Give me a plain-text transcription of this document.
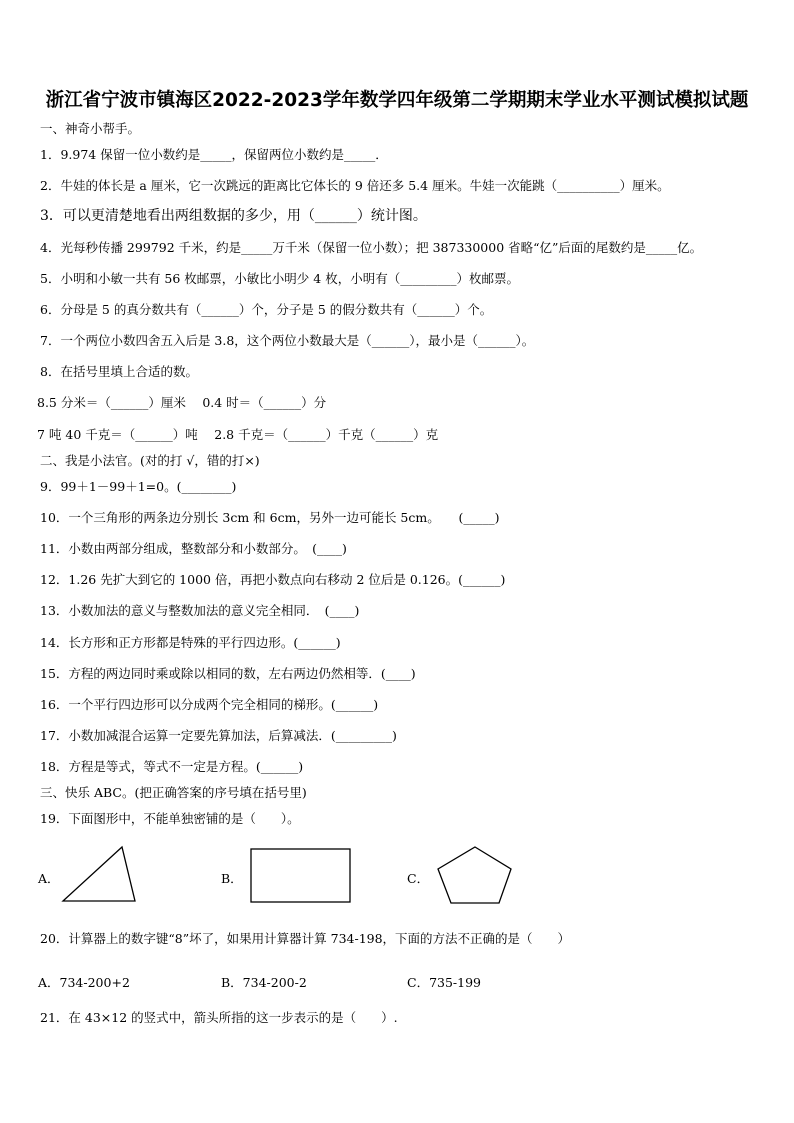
浙江省宁波市镇海区2022-2023学年数学四年级第二学期期末学业水平测试模拟试题
一、神奇小帮手。
1．9.974 保留一位小数约是_____，保留两位小数约是_____．
2．牛娃的体长是 a 厘米，它一次跳远的距离比它体长的 9 倍还多 5.4 厘米。牛娃一次能跳（__________）厘米。
3．可以更清楚地看出两组数据的多少，用（______）统计图。
4．光每秒传播 299792 千米，约是_____万千米（保留一位小数）；把 387330000 省略“亿”后面的尾数约是_____亿。
5．小明和小敏一共有 56 枚邮票，小敏比小明少 4 枚，小明有（_________）枚邮票。
6．分母是 5 的真分数共有（______）个，分子是 5 的假分数共有（______）个。
7．一个两位小数四舍五入后是 3.8，这个两位小数最大是（______），最小是（______）。
8．在括号里填上合适的数。
8.5 分米＝（______）厘米　 0.4 时＝（______）分
7 吨 40 千克＝（______）吨　 2.8 千克＝（______）千克（______）克
二、我是小法官。(对的打 √，错的打×)
9．99＋1－99＋1=0。(________)
10．一个三角形的两条边分别长 3cm 和 6cm，另外一边可能长 5cm。　　(_____)
11．小数由两部分组成，整数部分和小数部分。　(____)
12．1.26 先扩大到它的 1000 倍，再把小数点向右移动 2 位后是 0.126。(______)
13．小数加法的意义与整数加法的意义完全相同．　(____)
14．长方形和正方形都是特殊的平行四边形。(______)
15．方程的两边同时乘或除以相同的数，左右两边仍然相等．(____)
16．一个平行四边形可以分成两个完全相同的梯形。(______)
17．小数加减混合运算一定要先算加法，后算减法．(_________)
18．方程是等式，等式不一定是方程。(______)
三、快乐 ABC。(把正确答案的序号填在括号里)
19．下面图形中，不能单独密铺的是（　　）。
A．	B．	C．
20．计算器上的数字键“8”坏了，如果用计算器计算 734-198，下面的方法不正确的是（　　）
A．734-200+2	B．734-200-2	C．735-199
21．在 43×12 的竖式中，箭头所指的这一步表示的是（　　）.
